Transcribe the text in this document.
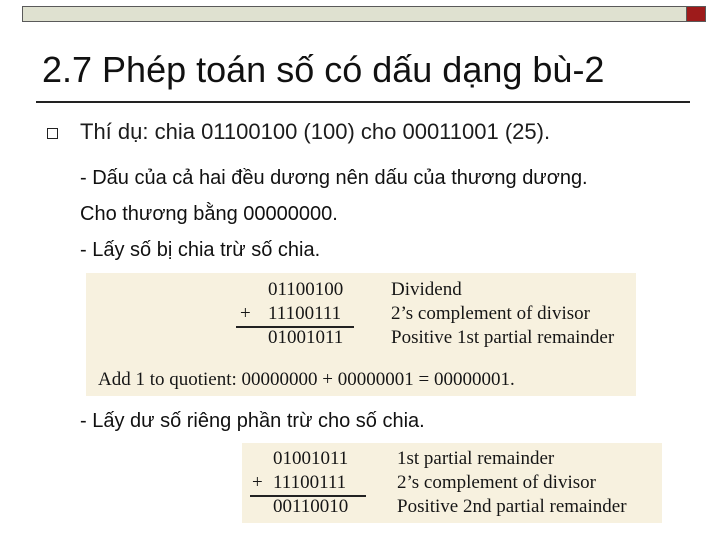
2.7 Phép toán số có dấu dạng bù-2
Thí dụ: chia 01100100 (100) cho 00011001 (25).
- Dấu của cả hai đều dương nên dấu của thương dương.
Cho thương bằng 00000000.
- Lấy số bị chia trừ số chia.
01100100	Dividend
+ 11100111	2’s complement of divisor
01001011	Positive 1st partial remainder
Add 1 to quotient: 00000000 + 00000001 = 00000001.
- Lấy dư số riêng phần trừ cho số chia.
01001011	1st partial remainder
+ 11100111	2’s complement of divisor
00110010	Positive 2nd partial remainder
